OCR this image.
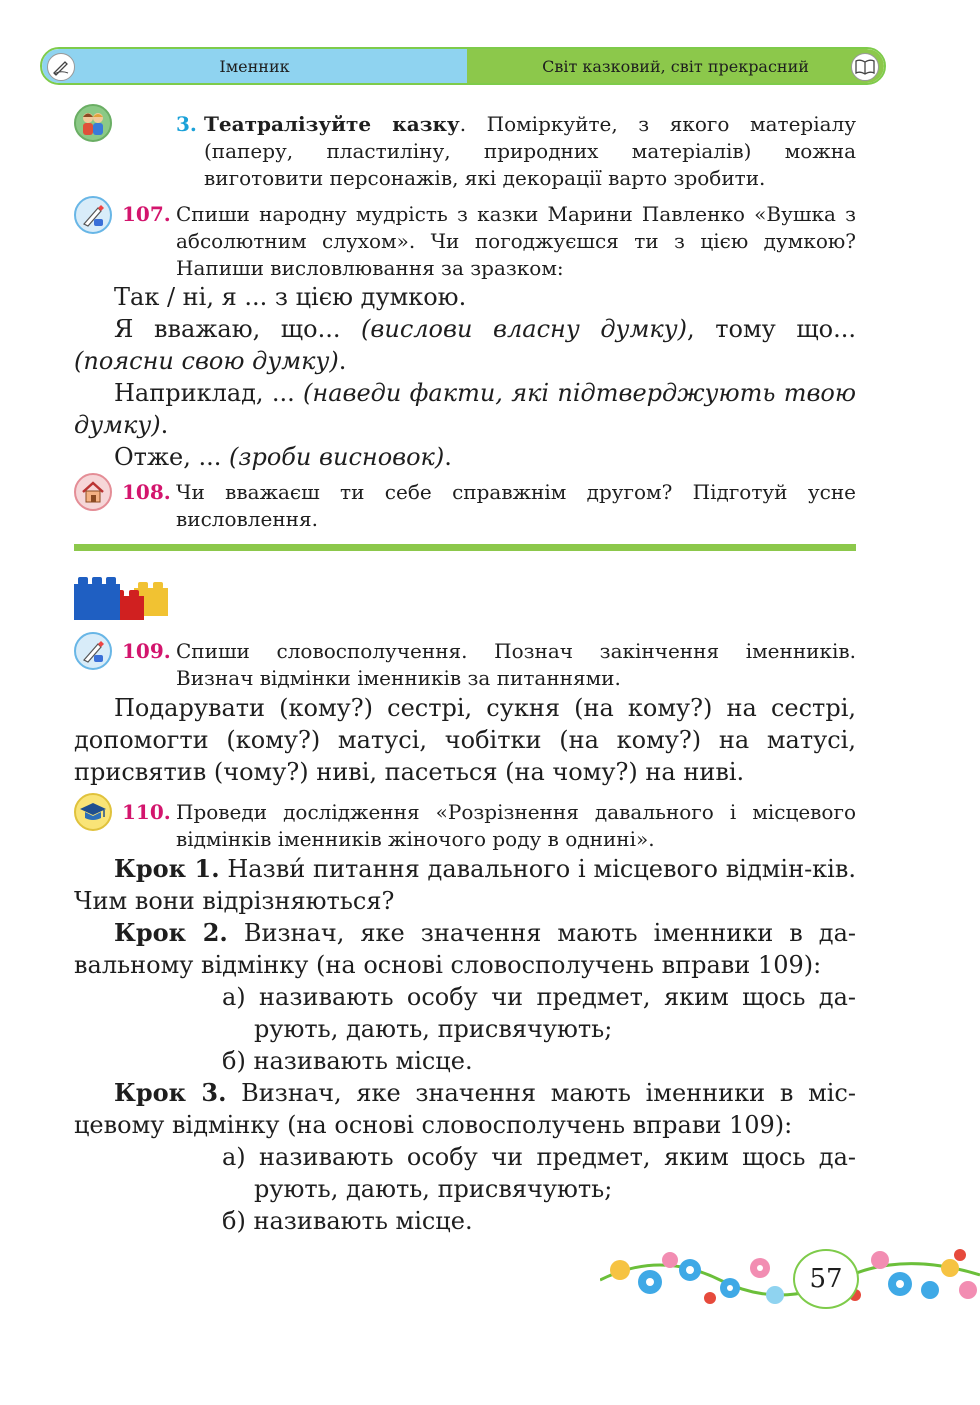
Іменник	Світ казковий, світ прекрасний
3. Театралізуйте казку. Поміркуйте, з якого матеріалу (паперу, пластиліну, природних матеріалів) можна виготовити персонажів, які декорації варто зробити.
107. Спиши народну мудрість з казки Марини Павленко «Вушка з абсолютним слухом». Чи погоджуєшся ти з цією думкою? Напиши висловлювання за зразком:

Так / ні, я ... з цією думкою.

Я вважаю, що... (вислови власну думку), тому що... (поясни свою думку).

Наприклад, ... (наведи факти, які підтверджують твою думку).

Отже, ... (зроби висновок).

108. Чи вважаєш ти себе справжнім другом? Підготуй усне висловлення.
109. Спиши словосполучення. Познач закінчення іменників. Визнач відмінки іменників за питаннями.

Подарувати (кому?) сестрі, сукня (на кому?) на сестрі, допомогти (кому?) матусі, чобітки (на кому?) на матусі, присвятив (чому?) ниві, пасеться (на чому?) на ниві.

110. Проведи дослідження «Розрізнення давального і місцевого відмінків іменників жіночого роду в однині».

Крок 1. Назви́ питання давального і місцевого відмін-ків. Чим вони відрізняються?

Крок 2. Визнач, яке значення мають іменники в да-вальному відмінку (на основі словосполучень вправи 109):

а) називають особу чи предмет, яким щось да-рують, дають, присвячують;

б) називають місце.

Крок 3. Визнач, яке значення мають іменники в міс-цевому відмінку (на основі словосполучень вправи 109):

а) називають особу чи предмет, яким щось да-рують, дають, присвячують;

б) називають місце.

57
